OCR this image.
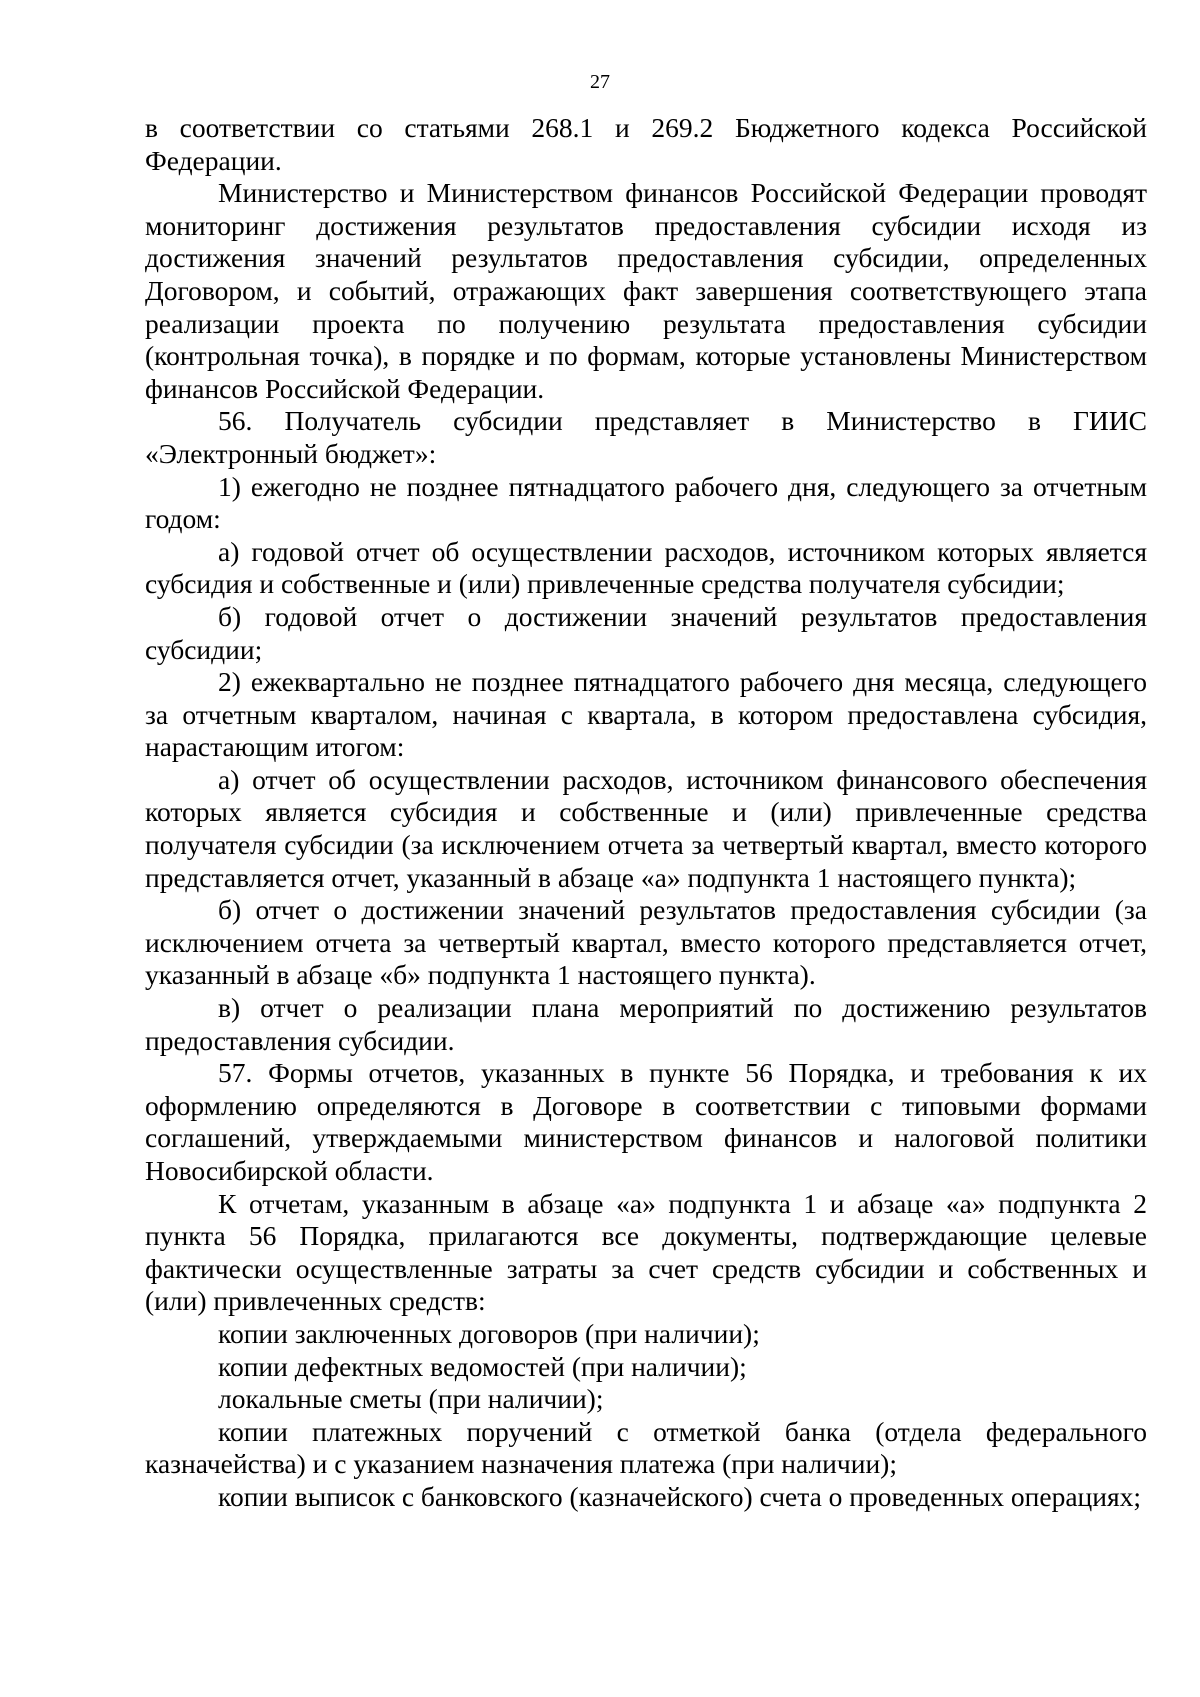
27

в соответствии со статьями 268.1 и 269.2 Бюджетного кодекса Российской Федерации.

Министерство и Министерством финансов Российской Федерации проводят мониторинг достижения результатов предоставления субсидии исходя из достижения значений результатов предоставления субсидии, определенных Договором, и событий, отражающих факт завершения соответствующего этапа реализации проекта по получению результата предоставления субсидии (контрольная точка), в порядке и по формам, которые установлены Министерством финансов Российской Федерации.

56. Получатель субсидии представляет в Министерство в ГИИС «Электронный бюджет»:

1) ежегодно не позднее пятнадцатого рабочего дня, следующего за отчетным годом:

а) годовой отчет об осуществлении расходов, источником которых является субсидия и собственные и (или) привлеченные средства получателя субсидии;

б) годовой отчет о достижении значений результатов предоставления субсидии;

2) ежеквартально не позднее пятнадцатого рабочего дня месяца, следующего за отчетным кварталом, начиная с квартала, в котором предоставлена субсидия, нарастающим итогом:

а) отчет об осуществлении расходов, источником финансового обеспечения которых является субсидия и собственные и (или) привлеченные средства получателя субсидии (за исключением отчета за четвертый квартал, вместо которого представляется отчет, указанный в абзаце «а» подпункта 1 настоящего пункта);

б) отчет о достижении значений результатов предоставления субсидии (за исключением отчета за четвертый квартал, вместо которого представляется отчет, указанный в абзаце «б» подпункта 1 настоящего пункта).

в) отчет о реализации плана мероприятий по достижению результатов предоставления субсидии.

57. Формы отчетов, указанных в пункте 56 Порядка, и требования к их оформлению определяются в Договоре в соответствии с типовыми формами соглашений, утверждаемыми министерством финансов и налоговой политики Новосибирской области.

К отчетам, указанным в абзаце «а» подпункта 1 и абзаце «а» подпункта 2 пункта 56 Порядка, прилагаются все документы, подтверждающие целевые фактически осуществленные затраты за счет средств субсидии и собственных и (или) привлеченных средств:

копии заключенных договоров (при наличии);

копии дефектных ведомостей (при наличии);

локальные сметы (при наличии);

копии платежных поручений с отметкой банка (отдела федерального казначейства) и с указанием назначения платежа (при наличии);

копии выписок с банковского (казначейского) счета о проведенных операциях;
